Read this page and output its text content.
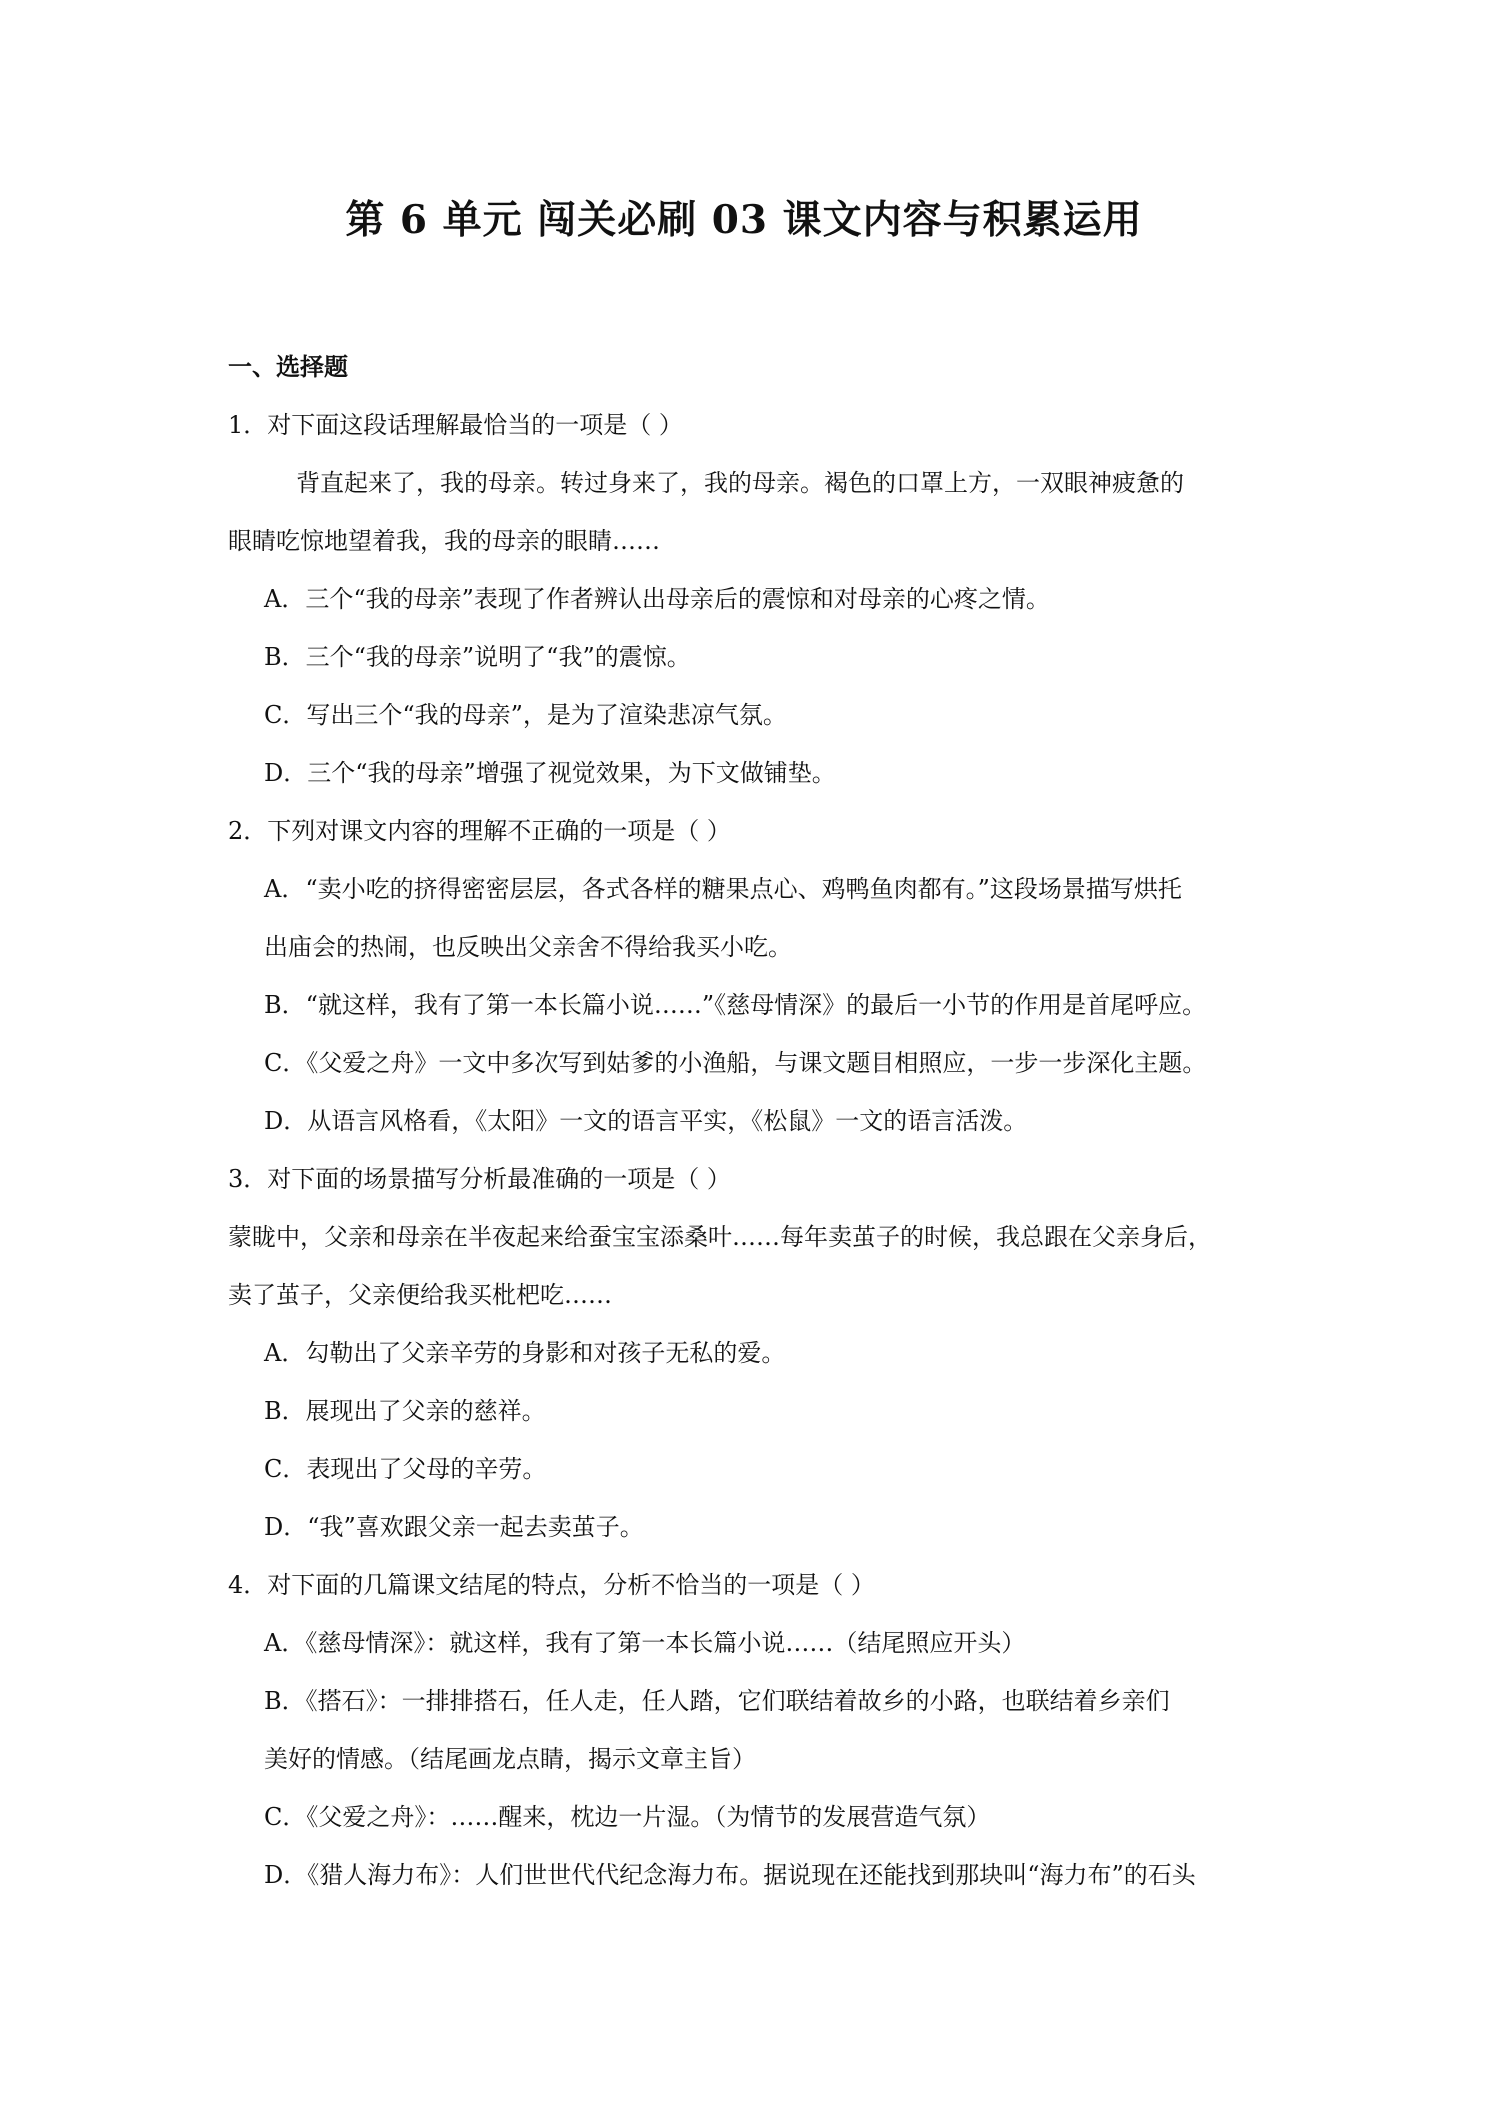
第 6 单元 闯关必刷 03 课文内容与积累运用
一、选择题
1．对下面这段话理解最恰当的一项是（ ）
背直起来了，我的母亲。转过身来了，我的母亲。褐色的口罩上方，一双眼神疲惫的
眼睛吃惊地望着我，我的母亲的眼睛……
A．三个“我的母亲”表现了作者辨认出母亲后的震惊和对母亲的心疼之情。
B．三个“我的母亲”说明了“我”的震惊。
C．写出三个“我的母亲”，是为了渲染悲凉气氛。
D．三个“我的母亲”增强了视觉效果，为下文做铺垫。
2．下列对课文内容的理解不正确的一项是（ ）
A．“卖小吃的挤得密密层层，各式各样的糖果点心、鸡鸭鱼肉都有。”这段场景描写烘托
出庙会的热闹，也反映出父亲舍不得给我买小吃。
B．“就这样，我有了第一本长篇小说……”《慈母情深》的最后一小节的作用是首尾呼应。
C．《父爱之舟》一文中多次写到姑爹的小渔船，与课文题目相照应，一步一步深化主题。
D．从语言风格看，《太阳》一文的语言平实，《松鼠》一文的语言活泼。
3．对下面的场景描写分析最准确的一项是（ ）
蒙眬中，父亲和母亲在半夜起来给蚕宝宝添桑叶……每年卖茧子的时候，我总跟在父亲身后，
卖了茧子，父亲便给我买枇杷吃……
A．勾勒出了父亲辛劳的身影和对孩子无私的爱。
B．展现出了父亲的慈祥。
C．表现出了父母的辛劳。
D．“我”喜欢跟父亲一起去卖茧子。
4．对下面的几篇课文结尾的特点，分析不恰当的一项是（ ）
A．《慈母情深》：就这样，我有了第一本长篇小说……（结尾照应开头）
B．《搭石》：一排排搭石，任人走，任人踏，它们联结着故乡的小路，也联结着乡亲们
美好的情感。（结尾画龙点睛，揭示文章主旨）
C．《父爱之舟》：……醒来，枕边一片湿。（为情节的发展营造气氛）
D．《猎人海力布》：人们世世代代纪念海力布。据说现在还能找到那块叫“海力布”的石头
